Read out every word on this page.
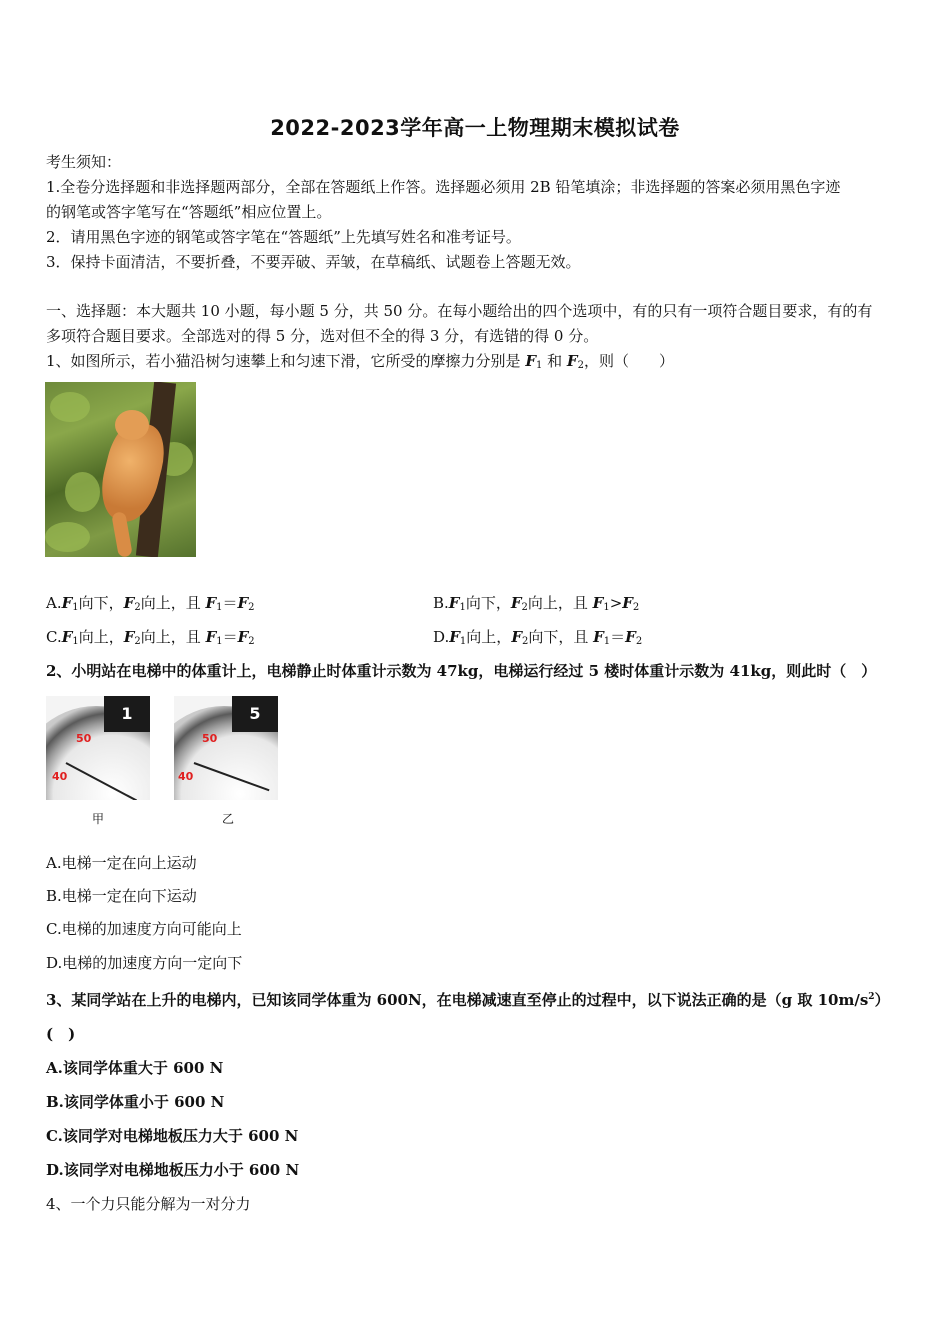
2022-2023学年高一上物理期末模拟试卷
考生须知：
1.全卷分选择题和非选择题两部分，全部在答题纸上作答。选择题必须用 2B 铅笔填涂；非选择题的答案必须用黑色字迹
的钢笔或答字笔写在“答题纸”相应位置上。
2．请用黑色字迹的钢笔或答字笔在“答题纸”上先填写姓名和准考证号。
3．保持卡面清洁，不要折叠，不要弄破、弄皱，在草稿纸、试题卷上答题无效。
一、选择题：本大题共 10 小题，每小题 5 分，共 50 分。在每小题给出的四个选项中，有的只有一项符合题目要求，有的有
多项符合题目要求。全部选对的得 5 分，选对但不全的得 3 分，有选错的得 0 分。
1、如图所示，若小猫沿树匀速攀上和匀速下滑，它所受的摩擦力分别是 $F_1$ 和 $F_2$，则（　　）
$A.F_1$向下，$F_2$向上，且 $F_1=F_2$	$B.F_1$向下，$F_2$向上，且 $F_1>F_2$
$C.F_1$向上，$F_2$向上，且 $F_1=F_2$	$D.F_1$向上，$F_2$向下，且 $F_1=F_2$
2、小明站在电梯中的体重计上，电梯静止时体重计示数为 47kg，电梯运行经过 5 楼时体重计示数为 41kg，则此时（　）
1
50
40
5
50
40
甲	乙
A.电梯一定在向上运动
B.电梯一定在向下运动
C.电梯的加速度方向可能向上
D.电梯的加速度方向一定向下
3、某同学站在上升的电梯内，已知该同学体重为 600N，在电梯减速直至停止的过程中，以下说法正确的是（g 取 $10m/s^2$）
(　)
A.该同学体重大于 600 N
B.该同学体重小于 600 N
C.该同学对电梯地板压力大于 600 N
D.该同学对电梯地板压力小于 600 N
4、一个力只能分解为一对分力
